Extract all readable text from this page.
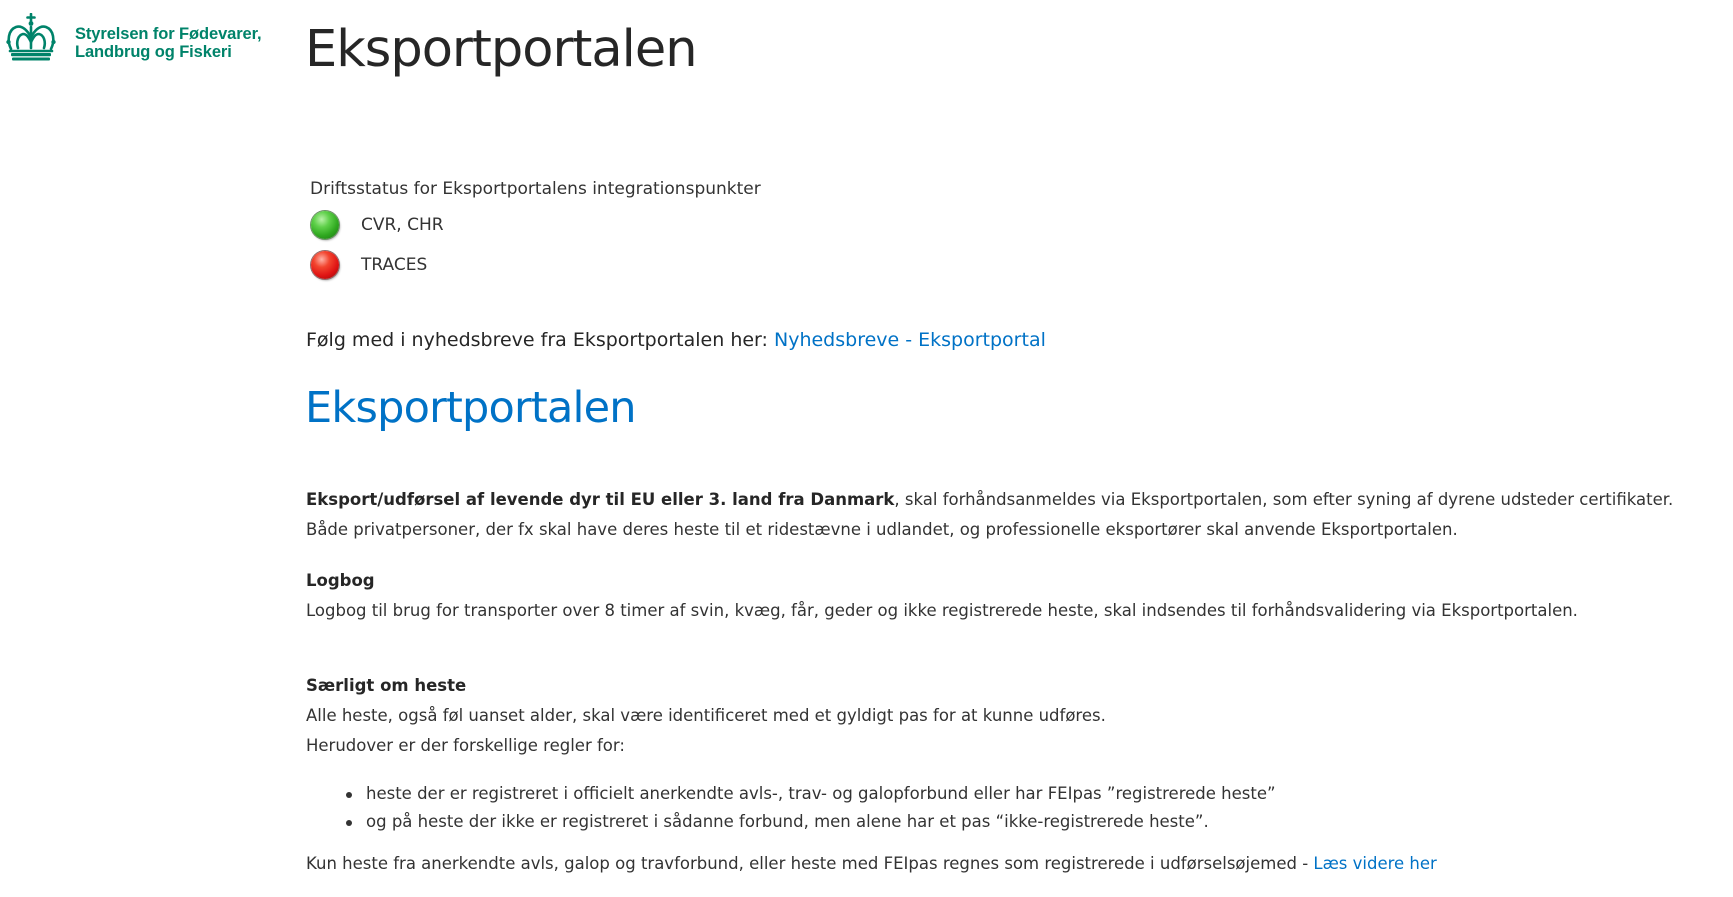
Styrelsen for Fødevarer,
Landbrug og Fiskeri	Eksportportalen
Driftsstatus for Eksportportalens integrationspunkter
CVR, CHR
TRACES
Følg med i nyhedsbreve fra Eksportportalen her: Nyhedsbreve - Eksportportal
Eksportportalen

Eksport/udførsel af levende dyr til EU eller 3. land fra Danmark, skal forhåndsanmeldes via Eksportportalen, som efter syning af dyrene udsteder certifikater.

Både privatpersoner, der fx skal have deres heste til et ridestævne i udlandet, og professionelle eksportører skal anvende Eksportportalen.

Logbog

Logbog til brug for transporter over 8 timer af svin, kvæg, får, geder og ikke registrerede heste, skal indsendes til forhåndsvalidering via Eksportportalen.

Særligt om heste

Alle heste, også føl uanset alder, skal være identificeret med et gyldigt pas for at kunne udføres.

Herudover er der forskellige regler for:

heste der er registreret i officielt anerkendte avls-, trav- og galopforbund eller har FEIpas ”registrerede heste”
og på heste der ikke er registreret i sådanne forbund, men alene har et pas “ikke-registrerede heste”.

Kun heste fra anerkendte avls, galop og travforbund, eller heste med FEIpas regnes som registrerede i udførselsøjemed - Læs videre her
